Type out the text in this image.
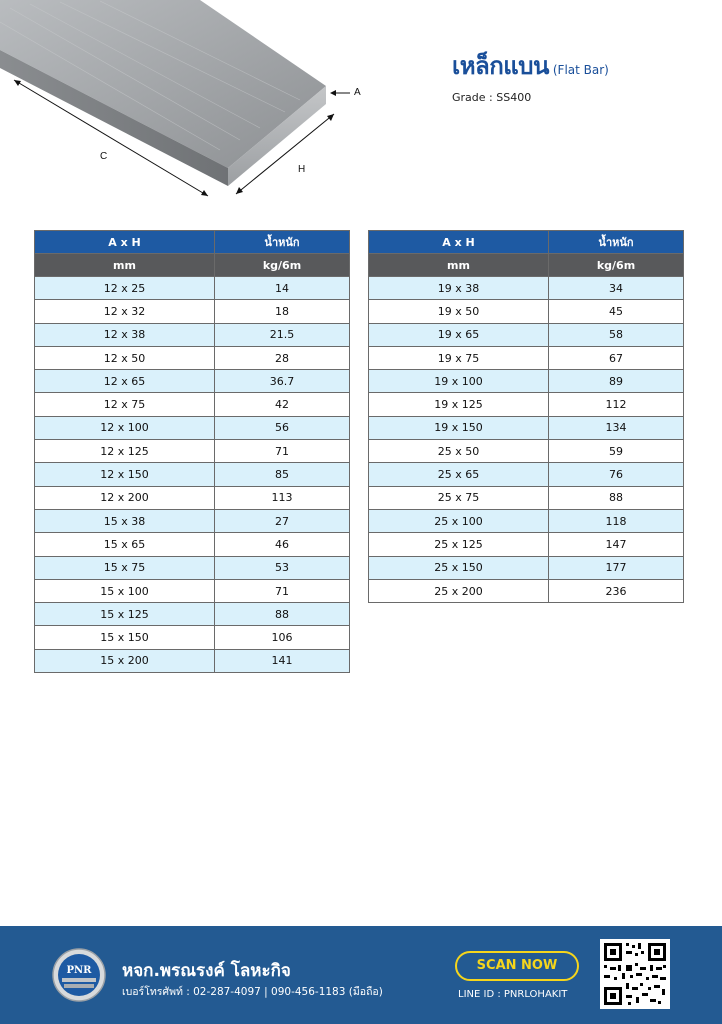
A
H
C
เหล็กแบน (Flat Bar)
Grade : SS400
A x H	น้ำหนัก
mm	kg/6m
12 x 25	14
12 x 32	18
12 x 38	21.5
12 x 50	28
12 x 65	36.7
12 x 75	42
12 x 100	56
12 x 125	71
12 x 150	85
12 x 200	113
15 x 38	27
15 x 65	46
15 x 75	53
15 x 100	71
15 x 125	88
15 x 150	106
15 x 200	141
A x H	น้ำหนัก
mm	kg/6m
19 x 38	34
19 x 50	45
19 x 65	58
19 x 75	67
19 x 100	89
19 x 125	112
19 x 150	134
25 x 50	59
25 x 65	76
25 x 75	88
25 x 100	118
25 x 125	147
25 x 150	177
25 x 200	236
PNR หจก.พรณรงค์ โลหะกิจ
เบอร์โทรศัพท์ : 02-287-4097 | 090-456-1183 (มือถือ)
SCAN NOW
LINE ID : PNRLOHAKIT
